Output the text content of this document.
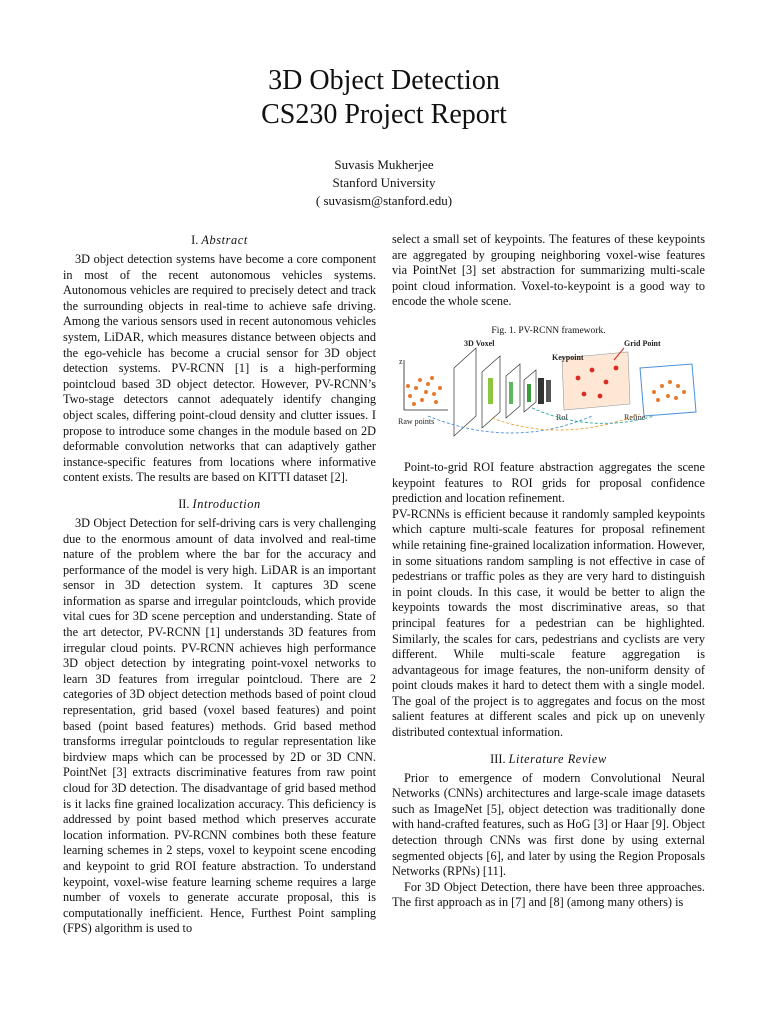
3D Object Detection
CS230 Project Report
Suvasis Mukherjee
Stanford University
( suvasism@stanford.edu)
I. Abstract

3D object detection systems have become a core component in most of the recent autonomous vehicles systems. Autonomous vehicles are required to precisely detect and track the surrounding objects in real-time to achieve safe driving. Among the various sensors used in recent autonomous vehicles system, LiDAR, which measures distance between objects and the ego-vehicle has become a crucial sensor for 3D object detection systems. PV-RCNN [1] is a high-performing pointcloud based 3D object detector. However, PV-RCNN’s Two-stage detectors cannot adequately identify changing object scales, differing point-cloud density and clutter issues. I propose to introduce some changes in the module based on 2D deformable convolution networks that can adaptively gather instance-specific features from locations where informative content exists. The results are based on KITTI dataset [2].

II. Introduction

3D Object Detection for self-driving cars is very challenging due to the enormous amount of data involved and real-time nature of the problem where the bar for the accuracy and performance of the model is very high. LiDAR is an important sensor in 3D detection system. It captures 3D scene information as sparse and irregular pointclouds, which provide vital cues for 3D scene perception and understanding. State of the art detector, PV-RCNN [1] understands 3D features from irregular cloud points. PV-RCNN achieves high performance 3D object detection by integrating point-voxel networks to learn 3D features from irregular pointcloud. There are 2 categories of 3D object detection methods based of point cloud representation, grid based (voxel based features) and point based (point based features) methods. Grid based method transforms irregular pointclouds to regular representation like birdview maps which can be processed by 2D or 3D CNN. PointNet [3] extracts discriminative features from raw point cloud for 3D detection. The disadvantage of grid based method is it lacks fine grained localization accuracy. This deficiency is addressed by point based method which preserves accurate location information. PV-RCNN combines both these feature learning schemes in 2 steps, voxel to keypoint scene encoding and keypoint to grid ROI feature abstraction. To understand keypoint, voxel-wise feature learning scheme requires a large number of voxels to generate accurate proposal, this is computationally inefficient. Hence, Furthest Point sampling (FPS) algorithm is used to

select a small set of keypoints. The features of these keypoints are aggregated by grouping neighboring voxel-wise features via PointNet [3] set abstraction for summarizing multi-scale point cloud information. Voxel-to-keypoint is a good way to encode the whole scene.

Fig. 1. PV-RCNN framework.
z
Raw points
3D Voxel
Keypoint
Grid Point
RoI	Refine

Point-to-grid ROI feature abstraction aggregates the scene keypoint features to ROI grids for proposal confidence prediction and location refinement.

PV-RCNNs is efficient because it randomly sampled keypoints which capture multi-scale features for proposal refinement while retaining fine-grained localization information. However, in some situations random sampling is not effective in case of pedestrians or traffic poles as they are very hard to distinguish in point clouds. In this case, it would be better to align the keypoints towards the most discriminative areas, so that principal features for a pedestrian can be highlighted. Similarly, the scales for cars, pedestrians and cyclists are very different. While multi-scale feature aggregation is advantageous for image features, the non-uniform density of point clouds makes it hard to detect them with a single model. The goal of the project is to aggregates and focus on the most salient features at different scales and pick up on unevenly distributed contextual information.

III. Literature Review

Prior to emergence of modern Convolutional Neural Networks (CNNs) architectures and large-scale image datasets such as ImageNet [5], object detection was traditionally done with hand-crafted features, such as HoG [3] or Haar [9]. Object detection through CNNs was first done by using external segmented objects [6], and later by using the Region Proposals Networks (RPNs) [11].

For 3D Object Detection, there have been three approaches. The first approach as in [7] and [8] (among many others) is
